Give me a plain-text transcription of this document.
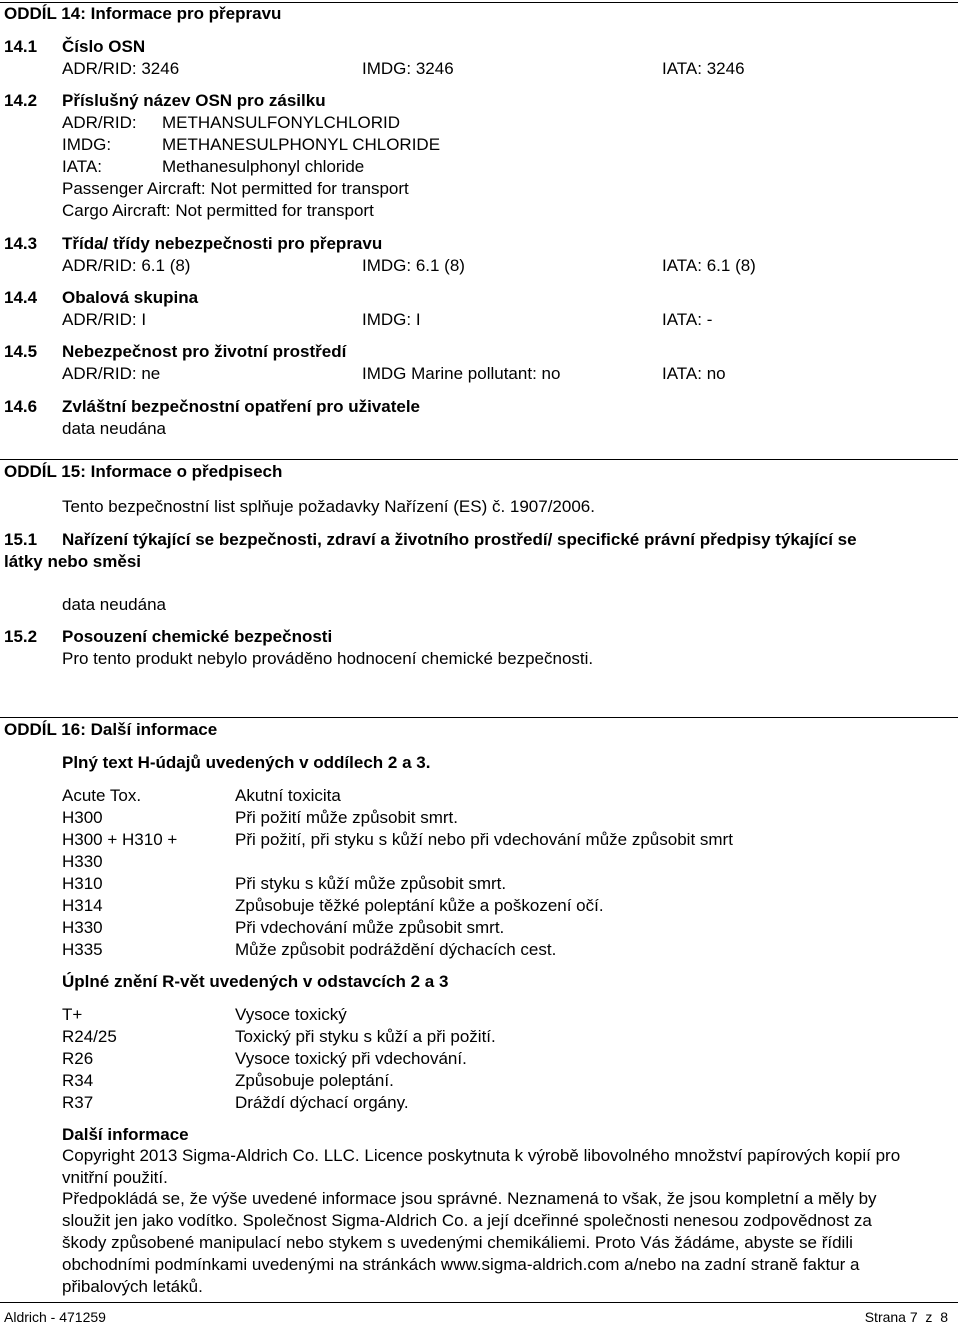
ODDÍL 14: Informace pro přepravu
14.1 Číslo OSN
ADR/RID: 3246	IMDG: 3246	IATA: 3246
14.2 Příslušný název OSN pro zásilku
ADR/RID: METHANSULFONYLCHLORID
IMDG:	METHANESULPHONYL CHLORIDE
IATA:	Methanesulphonyl chloride
Passenger Aircraft: Not permitted for transport
Cargo Aircraft: Not permitted for transport
14.3 Třída/ třídy nebezpečnosti pro přepravu
ADR/RID: 6.1 (8)	IMDG: 6.1 (8)	IATA: 6.1 (8)
14.4 Obalová skupina
ADR/RID: I	IMDG: I	IATA: -
14.5 Nebezpečnost pro životní prostředí
ADR/RID: ne	IMDG Marine pollutant: no	IATA: no
14.6 Zvláštní bezpečnostní opatření pro uživatele
data neudána
ODDÍL 15: Informace o předpisech
Tento bezpečnostní list splňuje požadavky Nařízení (ES) č. 1907/2006.
15.1 Nařízení týkající se bezpečnosti, zdraví a životního prostředí/ specifické právní předpisy týkající se
látky nebo směsi
data neudána
15.2 Posouzení chemické bezpečnosti
Pro tento produkt nebylo prováděno hodnocení chemické bezpečnosti.
ODDÍL 16: Další informace
Plný text H-údajů uvedených v oddílech 2 a 3.
Acute Tox.	Akutní toxicita
H300	Při požití může způsobit smrt.
H300 + H310 +	Při požití, při styku s kůží nebo při vdechování může způsobit smrt
H330
H310	Při styku s kůží může způsobit smrt.
H314	Způsobuje těžké poleptání kůže a poškození očí.
H330	Při vdechování může způsobit smrt.
H335	Může způsobit podráždění dýchacích cest.
Úplné znění R-vět uvedených v odstavcích 2 a 3
T+	Vysoce toxický
R24/25	Toxický při styku s kůží a při požití.
R26	Vysoce toxický při vdechování.
R34	Způsobuje poleptání.
R37	Dráždí dýchací orgány.
Další informace
Copyright 2013 Sigma-Aldrich Co. LLC. Licence poskytnuta k výrobě libovolného množství papírových kopií pro vnitřní použití.
Předpokládá se, že výše uvedené informace jsou správné. Neznamená to však, že jsou kompletní a měly by sloužit jen jako vodítko. Společnost Sigma-Aldrich Co. a její dceřinné společnosti nenesou zodpovědnost za škody způsobené manipulací nebo stykem s uvedenými chemikáliemi. Proto Vás žádáme, abyste se řídili obchodními podmínkami uvedenými na stránkách www.sigma-aldrich.com a/nebo na zadní straně faktur a přibalových letáků.
Aldrich - 471259	Strana 7  z  8
